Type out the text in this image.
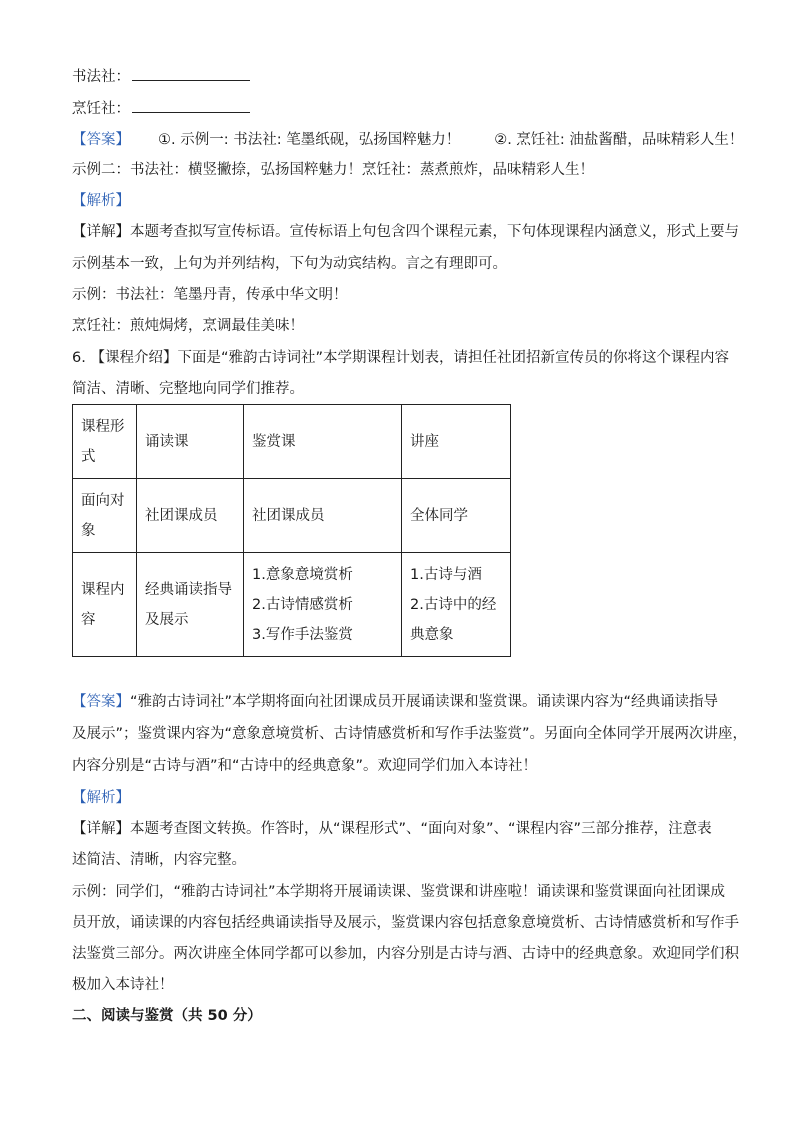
书法社：
烹饪社：
【答案】 ①. 示例一: 书法社: 笔墨纸砚，弘扬国粹魅力！ ②. 烹饪社: 油盐酱醋，品味精彩人生！
示例二：书法社：横竖撇捺，弘扬国粹魅力！烹饪社：蒸煮煎炸，品味精彩人生！
【解析】
【详解】本题考查拟写宣传标语。宣传标语上句包含四个课程元素，下句体现课程内涵意义，形式上要与
示例基本一致，上句为并列结构，下句为动宾结构。言之有理即可。
示例：书法社：笔墨丹青，传承中华文明！
烹饪社：煎炖焗烤，烹调最佳美味！
6. 【课程介绍】下面是“雅韵古诗词社”本学期课程计划表，请担任社团招新宣传员的你将这个课程内容
简洁、清晰、完整地向同学们推荐。
课程形
式	诵读课	鉴赏课	讲座
面向对
象	社团课成员	社团课成员	全体同学
课程内
容	经典诵读指导
及展示	1.意象意境赏析
2.古诗情感赏析
3.写作手法鉴赏	1.古诗与酒
2.古诗中的经
典意象
【答案】“雅韵古诗词社”本学期将面向社团课成员开展诵读课和鉴赏课。诵读课内容为“经典诵读指导
及展示”；鉴赏课内容为“意象意境赏析、古诗情感赏析和写作手法鉴赏”。另面向全体同学开展两次讲座，
内容分别是“古诗与酒”和“古诗中的经典意象”。欢迎同学们加入本诗社！
【解析】
【详解】本题考查图文转换。作答时，从“课程形式”、“面向对象”、“课程内容”三部分推荐，注意表
述简洁、清晰，内容完整。
示例：同学们，“雅韵古诗词社”本学期将开展诵读课、鉴赏课和讲座啦！诵读课和鉴赏课面向社团课成
员开放，诵读课的内容包括经典诵读指导及展示，鉴赏课内容包括意象意境赏析、古诗情感赏析和写作手
法鉴赏三部分。两次讲座全体同学都可以参加，内容分别是古诗与酒、古诗中的经典意象。欢迎同学们积
极加入本诗社！
二、阅读与鉴赏（共 50 分）
